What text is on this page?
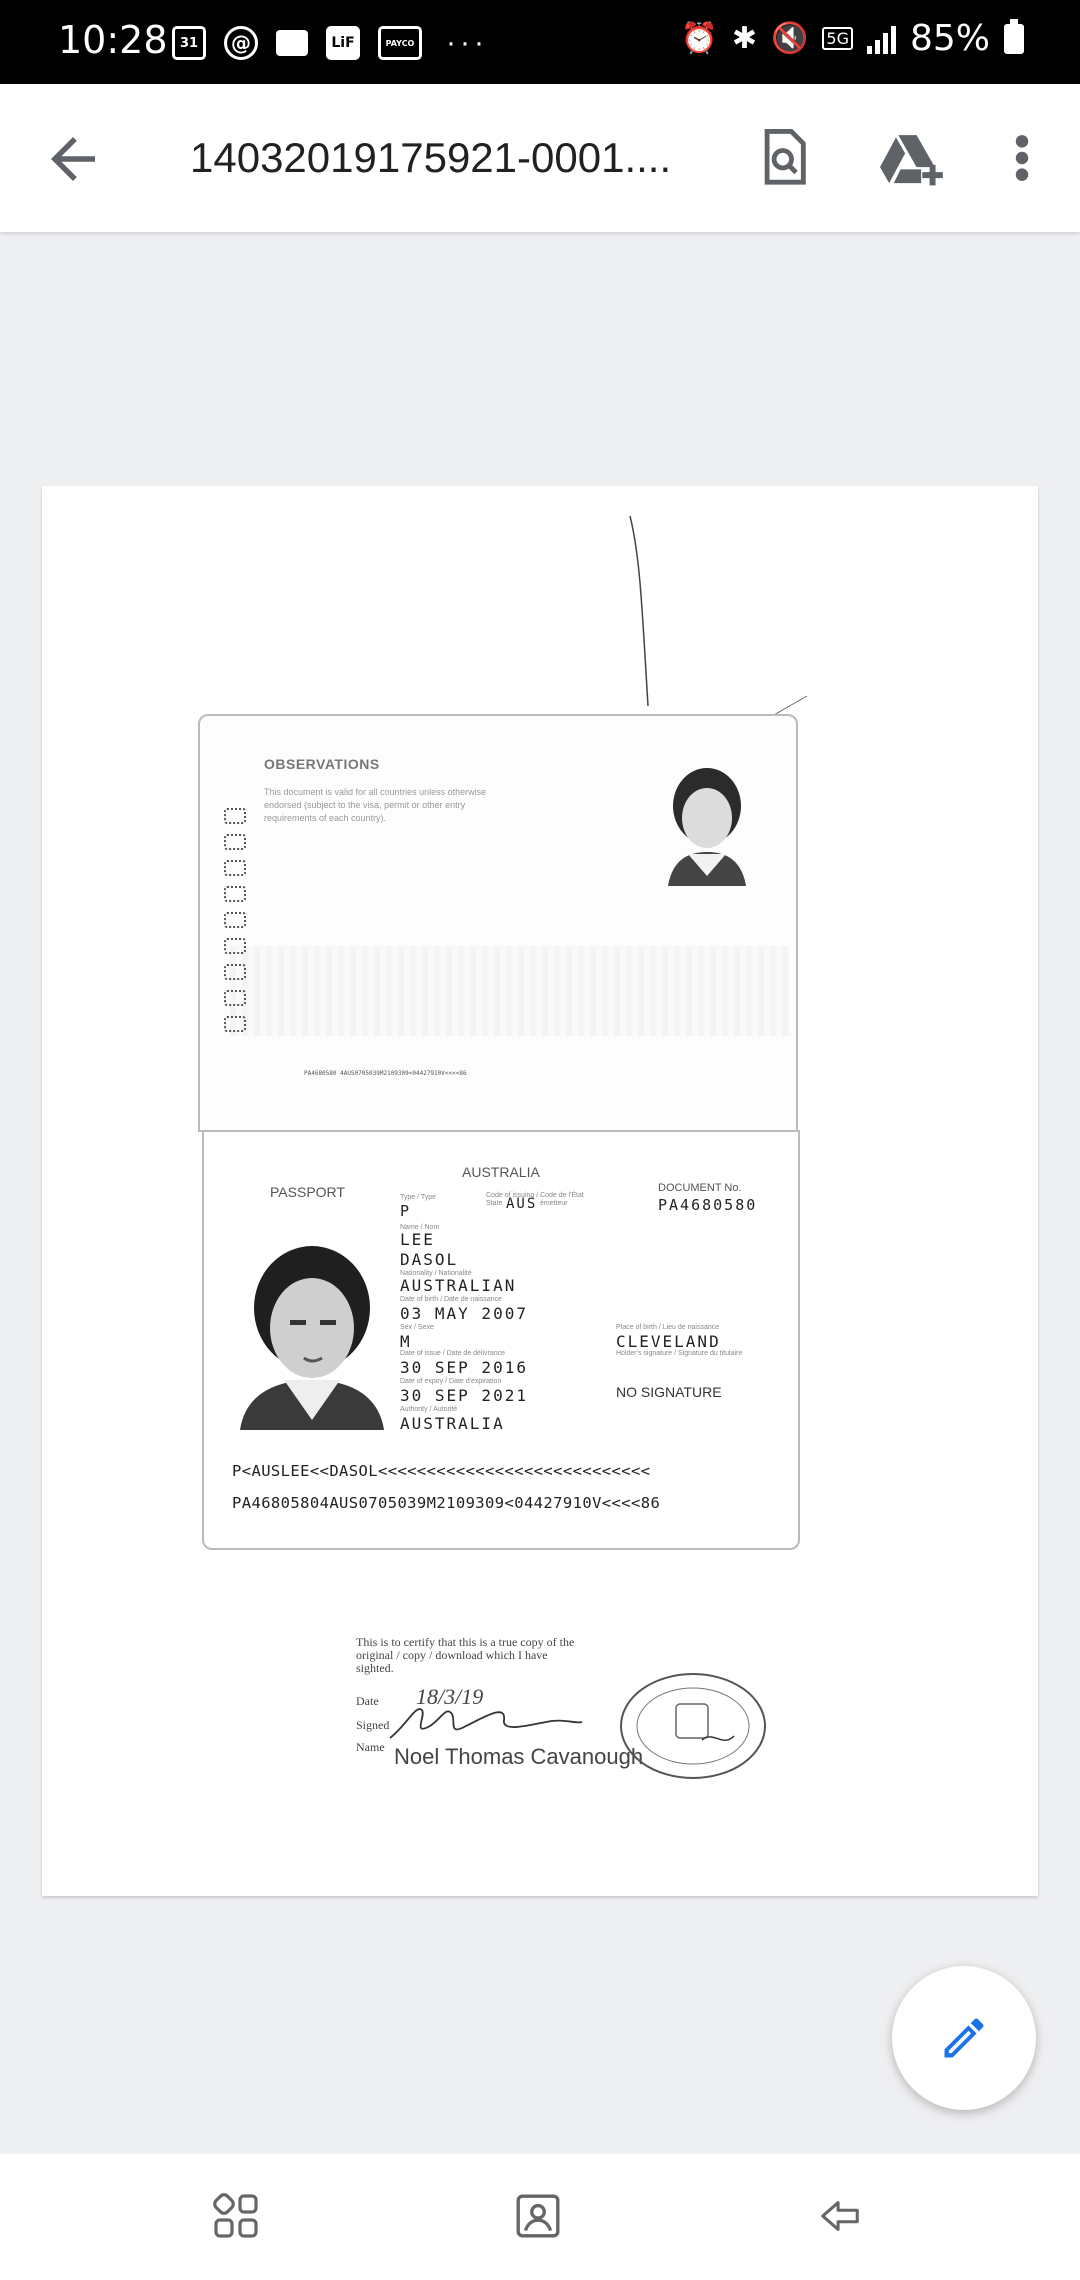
10:28 31	@	LiF	PAYCO ···	⏰ ✱ 🔇 5G 85%
14032019175921-0001....
OBSERVATIONS
This document is valid for all countries unless otherwise endorsed (subject to the visa, permit or other entry requirements of each country).
PA4680580 4AUS0705039M2109309<04427910V<<<<86
PASSPORT
AUSTRALIA
Type / Type
P
Code of issuing / Code de l'État
State AUS émetteur
DOCUMENT No.
PA4680580
Name / Nom
LEE
DASOL
Nationality / Nationalité
AUSTRALIAN
Date of birth / Date de naissance
03 MAY 2007
Sex / Sexe
M
Place of birth / Lieu de naissance
CLEVELAND
Holder's signature / Signature du titulaire
Date of issue / Date de délivrance
30 SEP 2016
NO SIGNATURE
Date of expiry / Date d'expiration
30 SEP 2021
Authority / Autorité
AUSTRALIA
P<AUSLEE<<DASOL<<<<<<<<<<<<<<<<<<<<<<<<<<<<
PA46805804AUS0705039M2109309<04427910V<<<<86
This is to certify that this is a true copy of the original / copy / download which I have sighted.
Date 18/3/19
Signed
Name Noel Thomas Cavanough
